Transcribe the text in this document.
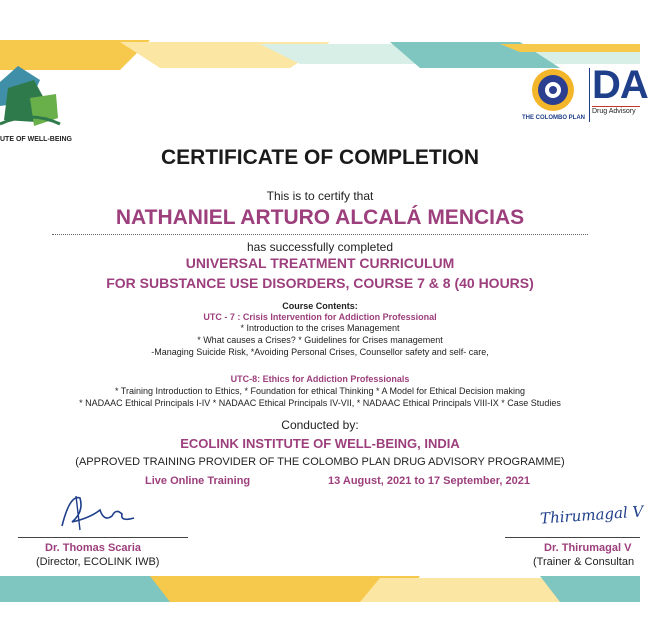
UTE OF WELL-BEING
THE COLOMBO PLAN
DA
Drug Advisory
CERTIFICATE OF COMPLETION
This is to certify that
NATHANIEL ARTURO ALCALÁ MENCIAS
has successfully completed
UNIVERSAL TREATMENT CURRICULUM
FOR SUBSTANCE USE DISORDERS, COURSE 7 & 8 (40 HOURS)
Course Contents:
UTC - 7 : Crisis Intervention for Addiction Professional
* Introduction to the crises Management
* What causes a Crises? * Guidelines for Crises management
-Managing Suicide Risk, *Avoiding Personal Crises, Counsellor safety and self- care,
UTC-8: Ethics for Addiction Professionals
* Training Introduction to Ethics, * Foundation for ethical Thinking * A Model for Ethical Decision making
* NADAAC Ethical Principals I-IV * NADAAC Ethical Principals IV-VII, * NADAAC Ethical Principals VIII-IX * Case Studies
Conducted by:
ECOLINK INSTITUTE OF WELL-BEING, INDIA
(APPROVED TRAINING PROVIDER OF THE COLOMBO PLAN DRUG ADVISORY PROGRAMME)
Live Online Training	13 August, 2021 to 17 September, 2021
Dr. Thomas Scaria
(Director, ECOLINK IWB)
Thirumagal V
Dr. Thirumagal V
(Trainer & Consultan
